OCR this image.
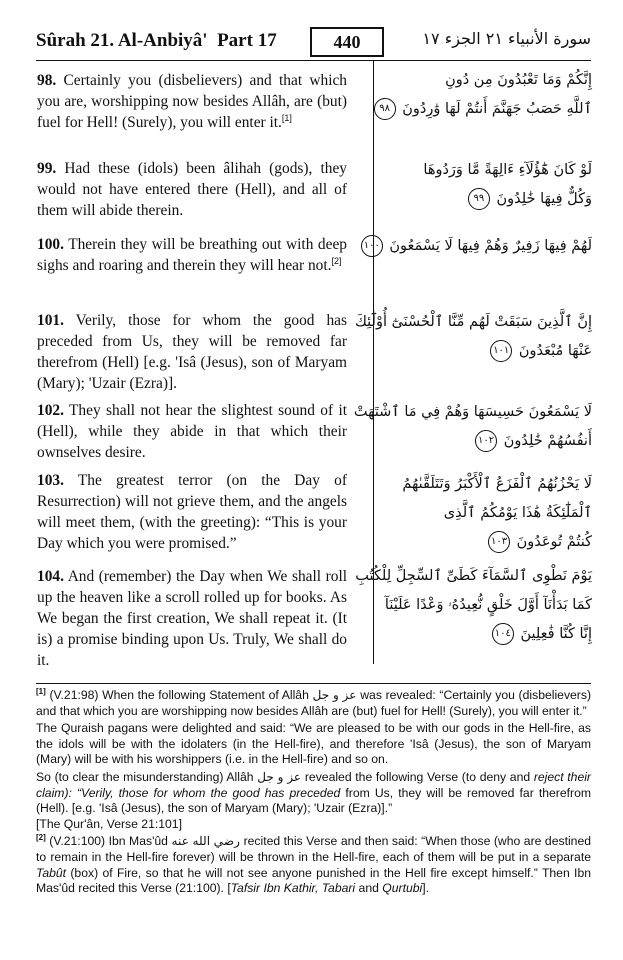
Sûrah 21. Al-Anbiyâ' Part 17	440	سورة الأنبياء ٢١ الجزء ١٧
98. Certainly you (disbelievers) and that which you are, worshipping now besides Allâh, are (but) fuel for Hell! (Surely), you will enter it.[1]
99. Had these (idols) been âlihah (gods), they would not have entered there (Hell), and all of them will abide therein.
100. Therein they will be breathing out with deep sighs and roaring and therein they will hear not.[2]
101. Verily, those for whom the good has preceded from Us, they will be removed far therefrom (Hell) [e.g. 'Isâ (Jesus), son of Maryam (Mary); 'Uzair (Ezra)].
102. They shall not hear the slightest sound of it (Hell), while they abide in that which their ownselves desire.
103. The greatest terror (on the Day of Resurrection) will not grieve them, and the angels will meet them, (with the greeting): “This is your Day which you were promised.”
104. And (remember) the Day when We shall roll up the heaven like a scroll rolled up for books. As We began the first creation, We shall repeat it. (It is) a promise binding upon Us. Truly, We shall do it.
إِنَّكُمْ وَمَا تَعْبُدُونَ مِن دُونِ
ٱللَّهِ حَصَبُ جَهَنَّمَ أَنتُمْ لَهَا وَٰرِدُونَ ٩٨
لَوْ كَانَ هَٰٓؤُلَآءِ ءَالِهَةً مَّا وَرَدُوهَا
وَكُلٌّ فِيهَا خَٰلِدُونَ ٩٩
لَهُمْ فِيهَا زَفِيرٌ وَهُمْ فِيهَا لَا يَسْمَعُونَ ١٠٠
إِنَّ ٱلَّذِينَ سَبَقَتْ لَهُم مِّنَّا ٱلْحُسْنَىٰٓ أُوْلَٰٓئِكَ
عَنْهَا مُبْعَدُونَ ١٠١
لَا يَسْمَعُونَ حَسِيسَهَا وَهُمْ فِي مَا ٱشْتَهَتْ
أَنفُسُهُمْ خَٰلِدُونَ ١٠٢
لَا يَحْزُنُهُمُ ٱلْفَزَعُ ٱلْأَكْبَرُ وَتَتَلَقَّىٰهُمُ
ٱلْمَلَٰٓئِكَةُ هَٰذَا يَوْمُكُمُ ٱلَّذِى
كُنتُمْ تُوعَدُونَ ١٠٣
يَوْمَ نَطْوِى ٱلسَّمَآءَ كَطَىِّ ٱلسِّجِلِّ لِلْكُتُبِ
كَمَا بَدَأْنَآ أَوَّلَ خَلْقٍ نُّعِيدُهُۥ وَعْدًا عَلَيْنَآ
إِنَّا كُنَّا فَٰعِلِينَ ١٠٤

[1] (V.21:98) When the following Statement of Allâh عز و جل was revealed: “Certainly you (disbelievers) and that which you are worshipping now besides Allâh are (but) fuel for Hell! (Surely), you will enter it.”

The Quraish pagans were delighted and said: “We are pleased to be with our gods in the Hell-fire, as the idols will be with the idolaters (in the Hell-fire), and therefore 'Isâ (Jesus), the son of Maryam (Mary) will be with his worshippers (i.e. in the Hell-fire) and so on.

So (to clear the misunderstanding) Allâh عز و جل revealed the following Verse (to deny and reject their claim): “Verily, those for whom the good has preceded from Us, they will be removed far therefrom (Hell). [e.g. 'Isâ (Jesus), the son of Maryam (Mary); 'Uzair (Ezra)].”
[The Qur'ân, Verse 21:101]

[2] (V.21:100) Ibn Mas'ûd رضي الله عنه recited this Verse and then said: “When those (who are destined to remain in the Hell-fire forever) will be thrown in the Hell-fire, each of them will be put in a separate Tabût (box) of Fire, so that he will not see anyone punished in the Hell fire except himself.” Then Ibn Mas'ûd recited this Verse (21:100). [Tafsir Ibn Kathir, Tabari and Qurtubi].
